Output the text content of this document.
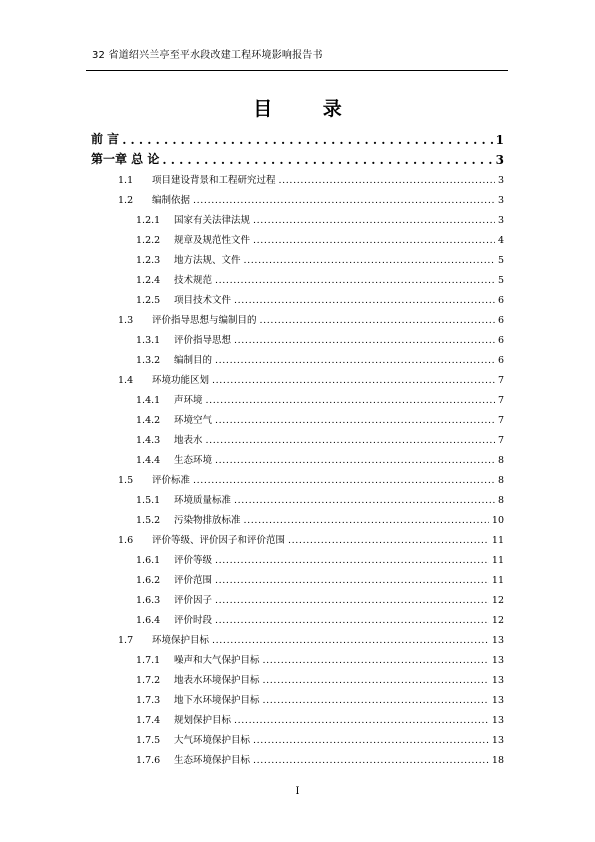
32 省道绍兴兰亭至平水段改建工程环境影响报告书
目 录
前 言 . . .	1
第一章 总 论 . . .	3
1.1	项目建设背景和工程研究过程 . . .	3
1.2	编制依据 . . .	3
1.2.1	国家有关法律法规 . . .	3
1.2.2	规章及规范性文件 . . .	4
1.2.3	地方法规、文件 . . .	5
1.2.4	技术规范 . . .	5
1.2.5	项目技术文件 . . .	6
1.3	评价指导思想与编制目的 . . .	6
1.3.1	评价指导思想 . . .	6
1.3.2	编制目的 . . .	6
1.4	环境功能区划 . . .	7
1.4.1	声环境 . . .	7
1.4.2	环境空气 . . .	7
1.4.3	地表水 . . .	7
1.4.4	生态环境 . . .	8
1.5	评价标准 . . .	8
1.5.1	环境质量标准 . . .	8
1.5.2	污染物排放标准 . . .	10
1.6	评价等级、评价因子和评价范围 . . .	11
1.6.1	评价等级 . . .	11
1.6.2	评价范围 . . .	11
1.6.3	评价因子 . . .	12
1.6.4	评价时段 . . .	12
1.7	环境保护目标 . . .	13
1.7.1	噪声和大气保护目标 . . .	13
1.7.2	地表水环境保护目标 . . .	13
1.7.3	地下水环境保护目标 . . .	13
1.7.4	规划保护目标 . . .	13
1.7.5	大气环境保护目标 . . .	13
1.7.6	生态环境保护目标 . . .	18
I
